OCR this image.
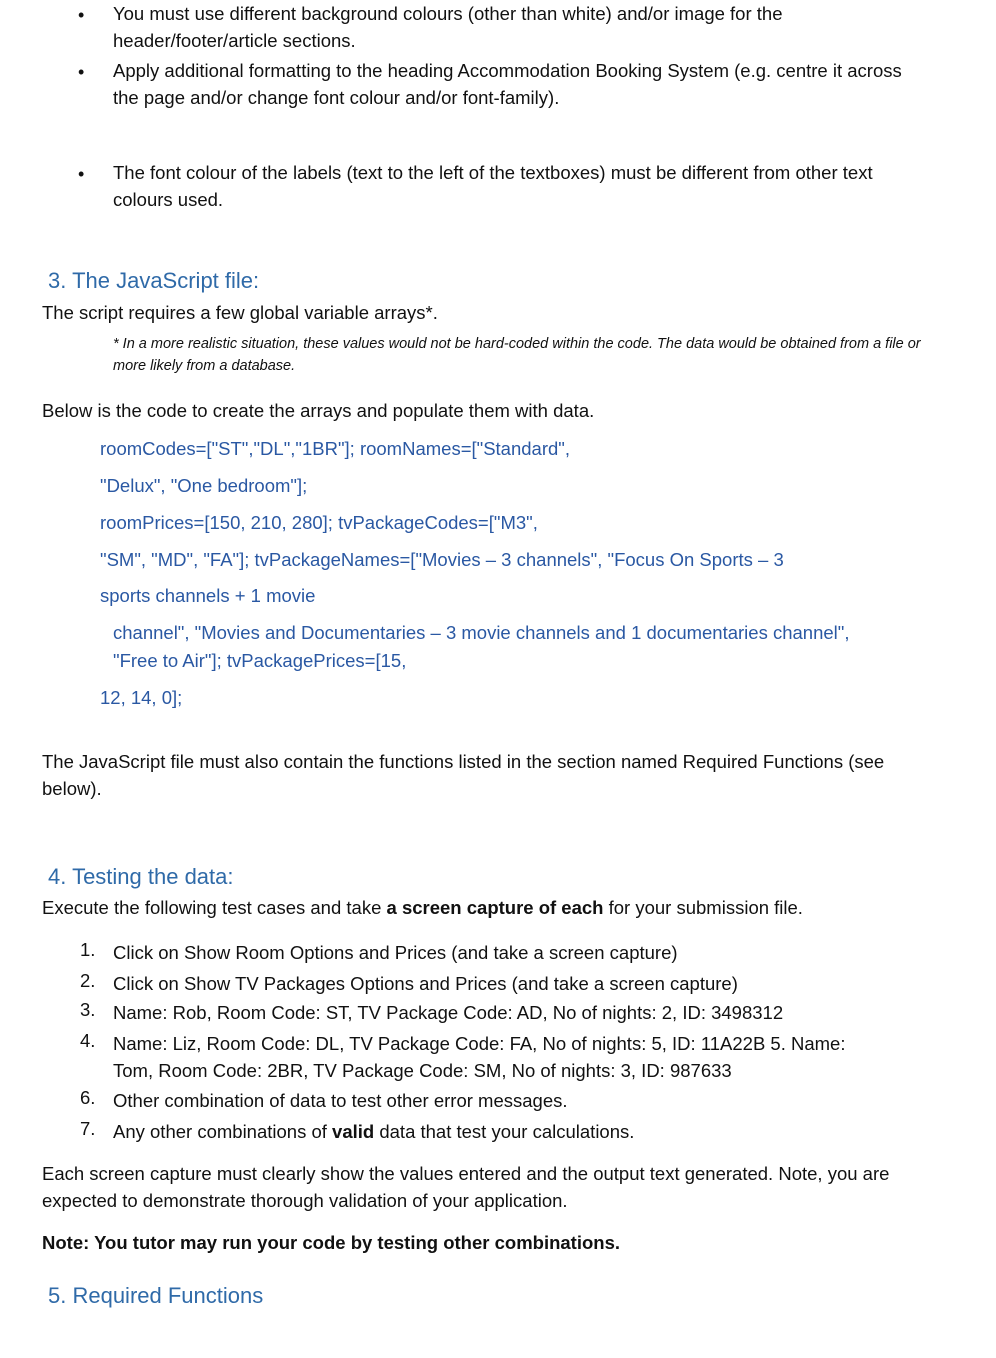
• You must use different background colours (other than white) and/or image for the header/footer/article sections.
• Apply additional formatting to the heading Accommodation Booking System (e.g. centre it across the page and/or change font colour and/or font-family).
• The font colour of the labels (text to the left of the textboxes) must be different from other text colours used.
3. The JavaScript file:
The script requires a few global variable arrays*.
* In a more realistic situation, these values would not be hard-coded within the code. The data would be obtained from a file or more likely from a database.
Below is the code to create the arrays and populate them with data.
roomCodes=["ST","DL","1BR"]; roomNames=["Standard",
"Delux", "One bedroom"];
roomPrices=[150, 210, 280]; tvPackageCodes=["M3",
"SM", "MD", "FA"]; tvPackageNames=["Movies – 3 channels", "Focus On Sports – 3
sports channels + 1 movie
channel", "Movies and Documentaries – 3 movie channels and 1 documentaries channel",
"Free to Air"]; tvPackagePrices=[15,
12, 14, 0];
The JavaScript file must also contain the functions listed in the section named Required Functions (see below).
4. Testing the data:
Execute the following test cases and take a screen capture of each for your submission file.
1. Click on Show Room Options and Prices (and take a screen capture)
2. Click on Show TV Packages Options and Prices (and take a screen capture)
3. Name: Rob, Room Code: ST, TV Package Code: AD, No of nights: 2, ID: 3498312
4. Name: Liz, Room Code: DL, TV Package Code: FA, No of nights: 5, ID: 11A22B 5. Name: Tom, Room Code: 2BR, TV Package Code: SM, No of nights: 3, ID: 987633
6. Other combination of data to test other error messages.
7. Any other combinations of valid data that test your calculations.
Each screen capture must clearly show the values entered and the output text generated. Note, you are expected to demonstrate thorough validation of your application.
Note: You tutor may run your code by testing other combinations.
5. Required Functions
